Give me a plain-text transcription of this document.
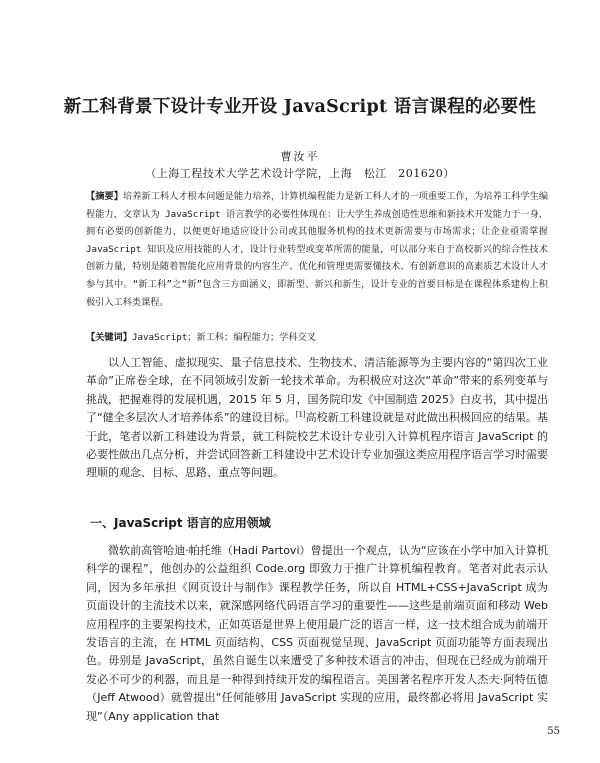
新工科背景下设计专业开设 JavaScript 语言课程的必要性
曹汝平
（上海工程技术大学艺术设计学院，上海　松江　201620）
【摘要】培养新工科人才根本问题是能力培养，计算机编程能力是新工科人才的一项重要工作，为培养工科学生编程能力，文章认为 JavaScript 语言教学的必要性体现在：让大学生养成创造性思维和新技术开发能力于一身，拥有必要的创新能力，以便更好地适应设计公司或其他服务机构的技术更新需要与市场需求；让企业亟需掌握 JavaScript 知识及应用技能的人才，设计行业转型或变革所需的能量，可以部分来自于高校新兴的综合性技术创新力量，特别是随着智能化应用背景的内容生产、优化和管理更需要懂技术、有创新意识的高素质艺术设计人才参与其中。“新工科”之“新”包含三方面涵义，即新型、新兴和新生，设计专业的首要目标是在课程体系建构上积极引入工科类课程。
【关键词】JavaScript；新工科；编程能力；学科交叉
以人工智能、虚拟现实、量子信息技术、生物技术、清洁能源等为主要内容的“第四次工业革命”正席卷全球，在不同领域引发新一轮技术革命。为积极应对这次“革命”带来的系列变革与挑战，把握难得的发展机遇，2015 年 5 月，国务院印发《中国制造 2025》白皮书，其中提出了“健全多层次人才培养体系”的建设目标。[1]高校新工科建设就是对此做出积极回应的结果。基于此，笔者以新工科建设为背景，就工科院校艺术设计专业引入计算机程序语言 JavaScript 的必要性做出几点分析，并尝试回答新工科建设中艺术设计专业加强这类应用程序语言学习时需要理顺的观念、目标、思路、重点等问题。
一、JavaScript 语言的应用领域
微软前高管哈迪·帕托维（Hadi Partovi）曾提出一个观点，认为“应该在小学中加入计算机科学的课程”，他创办的公益组织 Code.org 即致力于推广计算机编程教育。笔者对此表示认同，因为多年承担《网页设计与制作》课程教学任务，所以自 HTML+CSS+JavaScript 成为页面设计的主流技术以来，就深感网络代码语言学习的重要性——这些是前端页面和移动 Web 应用程序的主要架构技术，正如英语是世界上使用最广泛的语言一样，这一技术组合成为前端开发语言的主流，在 HTML 页面结构、CSS 页面视觉呈现、JavaScript 页面功能等方面表现出色。毋别是 JavaScript，虽然自诞生以来遭受了多种技术语言的冲击，但现在已经成为前端开发必不可少的利器，而且是一种得到持续开发的编程语言。美国著名程序开发人杰夫·阿特伍德（Jeff Atwood）就曾提出“任何能够用 JavaScript 实现的应用，最终都必将用 JavaScript 实现”（Any application that
55
